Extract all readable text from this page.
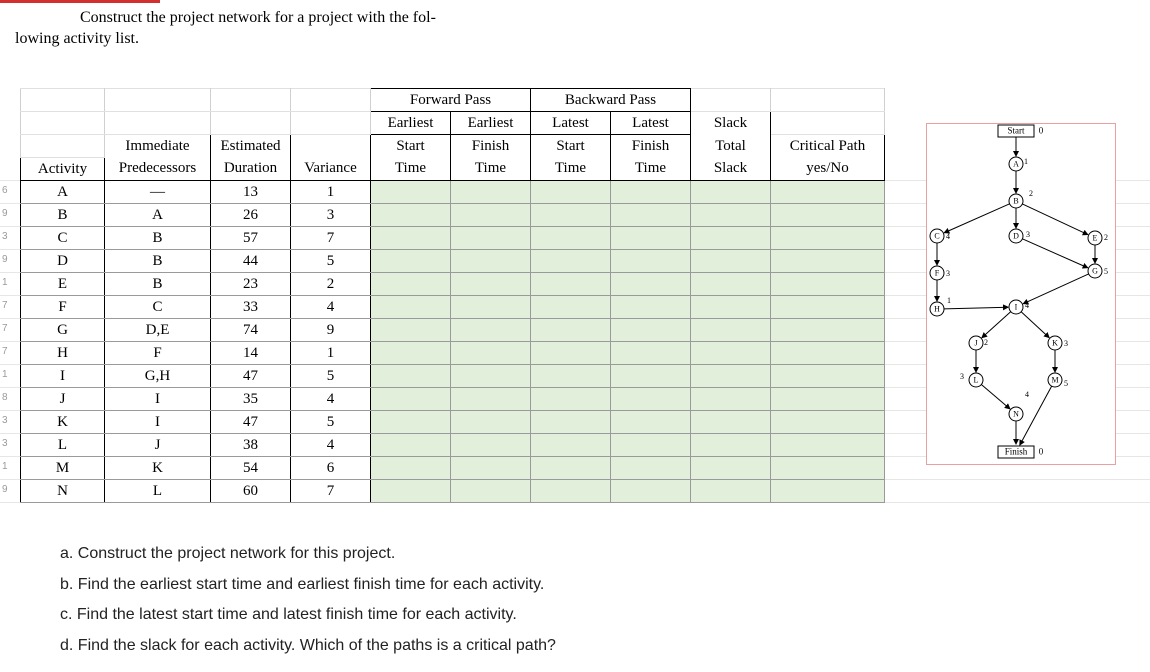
Construct the project network for a project with the fol-
lowing activity list.
6
9
3
9
1
7
7
7
1
8
3
3
1
9
				Forward Pass		Backward Pass			
				Earliest	Earliest	Latest	Latest	Slack	
	Immediate	Estimated		Start	Finish	Start	Finish	Total	Critical Path
Activity	Predecessors	Duration	Variance	Time	Time	Time	Time	Slack	yes/No
A	—	13	1						
B	A	26	3						
C	B	57	7						
D	B	44	5						
E	B	23	2						
F	C	33	4						
G	D,E	74	9						
H	F	14	1						
I	G,H	47	5						
J	I	35	4						
K	I	47	5						
L	J	38	4						
M	K	54	6						
N	L	60	7						
Start 0
Finish 0
A 1
B
2
C 4	D 3	E 2
F 3	G 5
H
1
I 4
J 2	K 3
L
3	M 5
N
4
a. Construct the project network for this project.
b. Find the earliest start time and earliest finish time for each activity.
c. Find the latest start time and latest finish time for each activity.
d. Find the slack for each activity. Which of the paths is a critical path?
